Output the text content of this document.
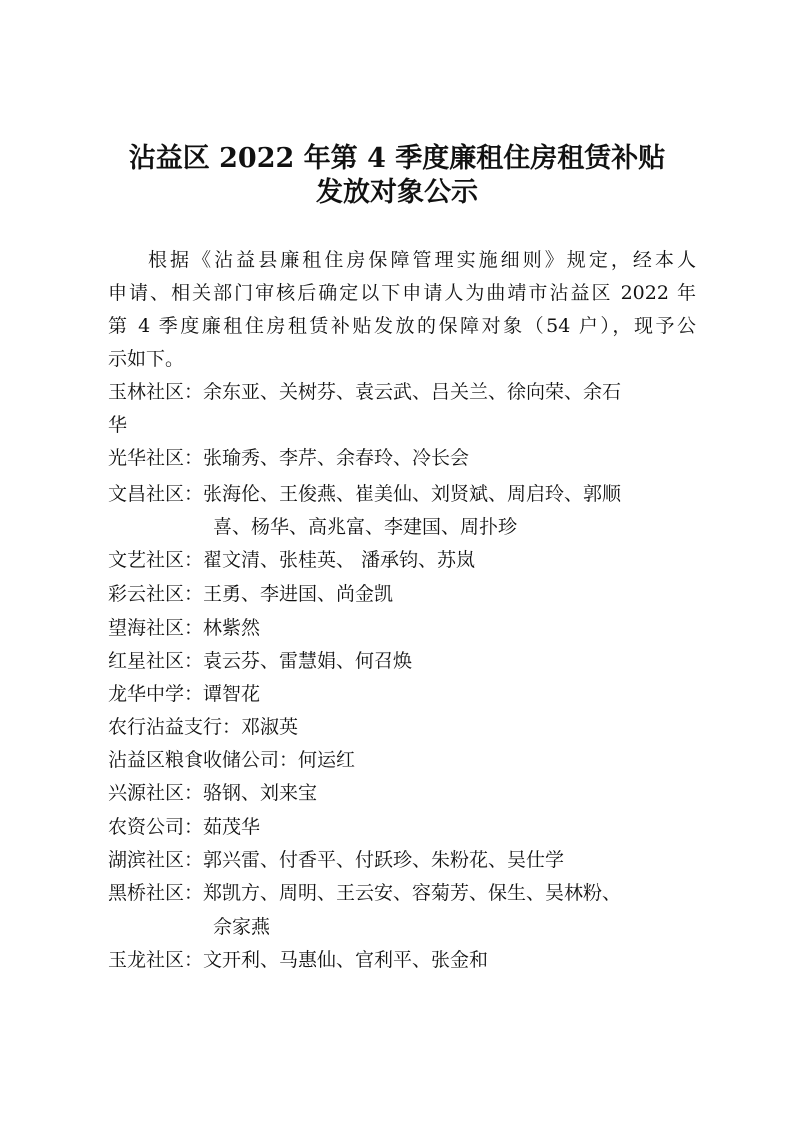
沾益区 2022 年第 4 季度廉租住房租赁补贴
发放对象公示
根据《沾益县廉租住房保障管理实施细则》规定，经本人
申请、相关部门审核后确定以下申请人为曲靖市沾益区 2022 年
第 4 季度廉租住房租赁补贴发放的保障对象（54 户），现予公
示如下。
玉林社区：余东亚、关树芬、袁云武、吕关兰、徐向荣、余石
华
光华社区：张瑜秀、李芹、余春玲、冷长会
文昌社区：张海伦、王俊燕、崔美仙、刘贤斌、周启玲、郭顺
喜、杨华、高兆富、李建国、周扑珍
文艺社区：翟文清、张桂英、 潘承钧、苏岚
彩云社区：王勇、李进国、尚金凯
望海社区：林紫然
红星社区：袁云芬、雷慧娟、何召焕
龙华中学：谭智花
农行沾益支行：邓淑英
沾益区粮食收储公司：何运红
兴源社区：骆钢、刘来宝
农资公司：茹茂华
湖滨社区：郭兴雷、付香平、付跃珍、朱粉花、吴仕学
黑桥社区：郑凯方、周明、王云安、容菊芳、保生、吴林粉、
佘家燕
玉龙社区：文开利、马惠仙、官利平、张金和
